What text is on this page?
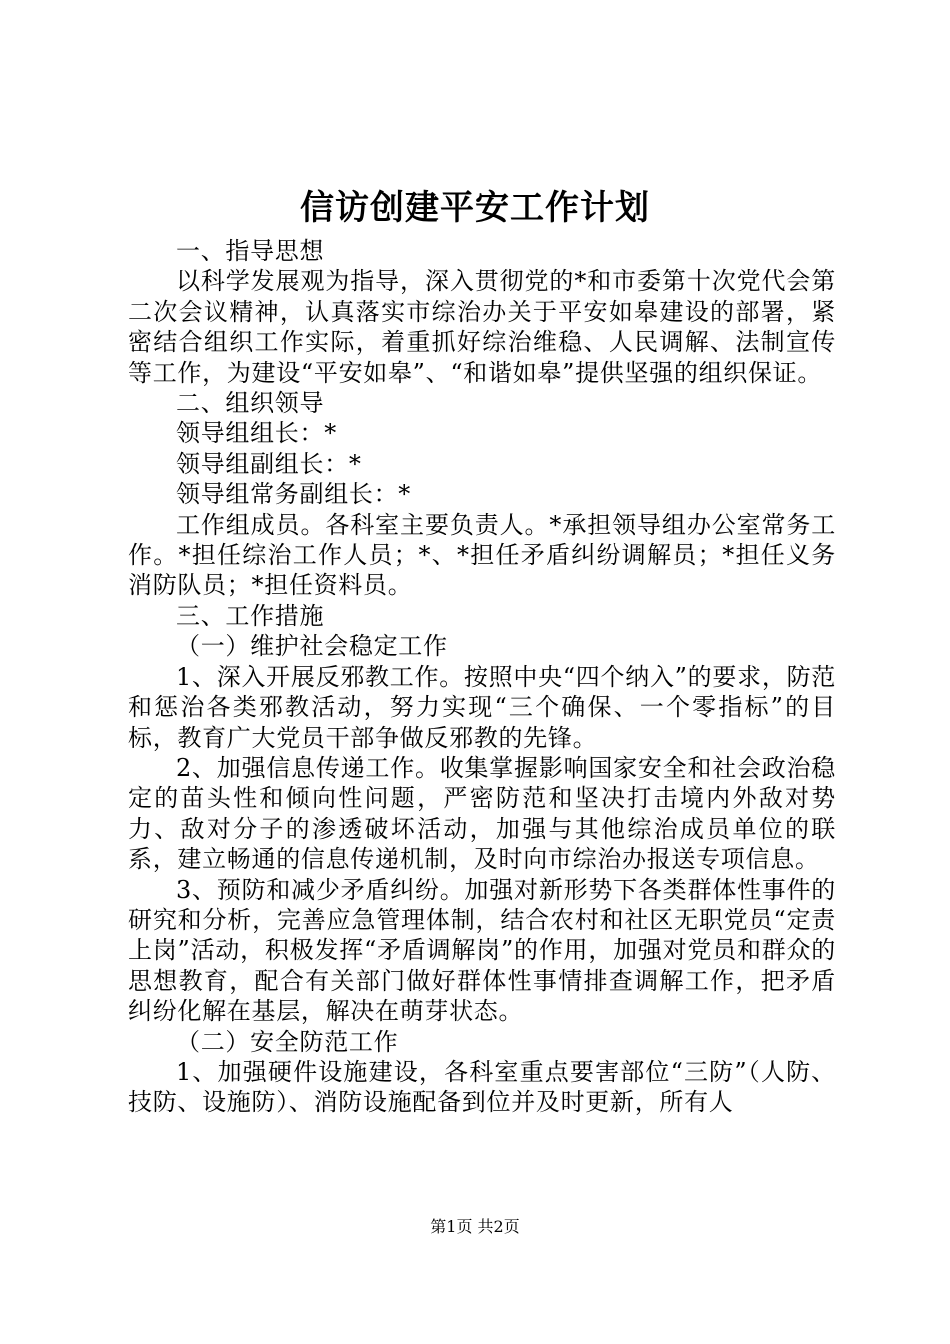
信访创建平安工作计划

一、指导思想

以科学发展观为指导，深入贯彻党的*和市委第十次党代会第二次会议精神，认真落实市综治办关于平安如皋建设的部署，紧密结合组织工作实际，着重抓好综治维稳、人民调解、法制宣传等工作，为建设“平安如皋”、“和谐如皋”提供坚强的组织保证。

二、组织领导

领导组组长：*

领导组副组长：*

领导组常务副组长：*

工作组成员。各科室主要负责人。*承担领导组办公室常务工作。*担任综治工作人员；*、*担任矛盾纠纷调解员；*担任义务消防队员；*担任资料员。

三、工作措施

（一）维护社会稳定工作

1、深入开展反邪教工作。按照中央“四个纳入”的要求，防范和惩治各类邪教活动，努力实现“三个确保、一个零指标”的目标，教育广大党员干部争做反邪教的先锋。

2、加强信息传递工作。收集掌握影响国家安全和社会政治稳定的苗头性和倾向性问题，严密防范和坚决打击境内外敌对势力、敌对分子的渗透破坏活动，加强与其他综治成员单位的联系，建立畅通的信息传递机制，及时向市综治办报送专项信息。

3、预防和减少矛盾纠纷。加强对新形势下各类群体性事件的研究和分析，完善应急管理体制，结合农村和社区无职党员“定责上岗”活动，积极发挥“矛盾调解岗”的作用，加强对党员和群众的思想教育，配合有关部门做好群体性事情排查调解工作，把矛盾纠纷化解在基层，解决在萌芽状态。

（二）安全防范工作

1、加强硬件设施建设，各科室重点要害部位“三防”（人防、技防、设施防）、消防设施配备到位并及时更新，所有人

第1页 共2页
